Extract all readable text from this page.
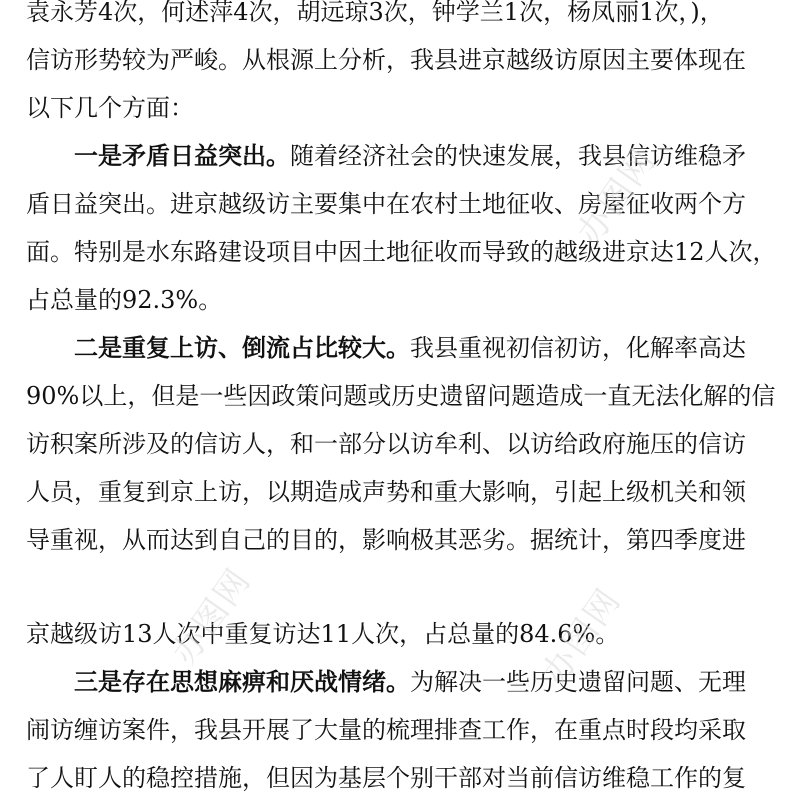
袁永芳4次，何述萍4次，胡远琼3次，钟学兰1次，杨凤丽1次，)，
信访形势较为严峻。从根源上分析，我县进京越级访原因主要体现在
以下几个方面：
一是矛盾日益突出。随着经济社会的快速发展，我县信访维稳矛
盾日益突出。进京越级访主要集中在农村土地征收、房屋征收两个方
面。特别是水东路建设项目中因土地征收而导致的越级进京达12人次，
占总量的92.3%。
二是重复上访、倒流占比较大。我县重视初信初访，化解率高达
90%以上，但是一些因政策问题或历史遗留问题造成一直无法化解的信
访积案所涉及的信访人，和一部分以访牟利、以访给政府施压的信访
人员，重复到京上访，以期造成声势和重大影响，引起上级机关和领
导重视，从而达到自己的目的，影响极其恶劣。据统计，第四季度进
京越级访13人次中重复访达11人次，占总量的84.6%。
三是存在思想麻痹和厌战情绪。为解决一些历史遗留问题、无理
闹访缠访案件，我县开展了大量的梳理排查工作，在重点时段均采取
了人盯人的稳控措施，但因为基层个别干部对当前信访维稳工作的复
办图网
办图网	办图网
